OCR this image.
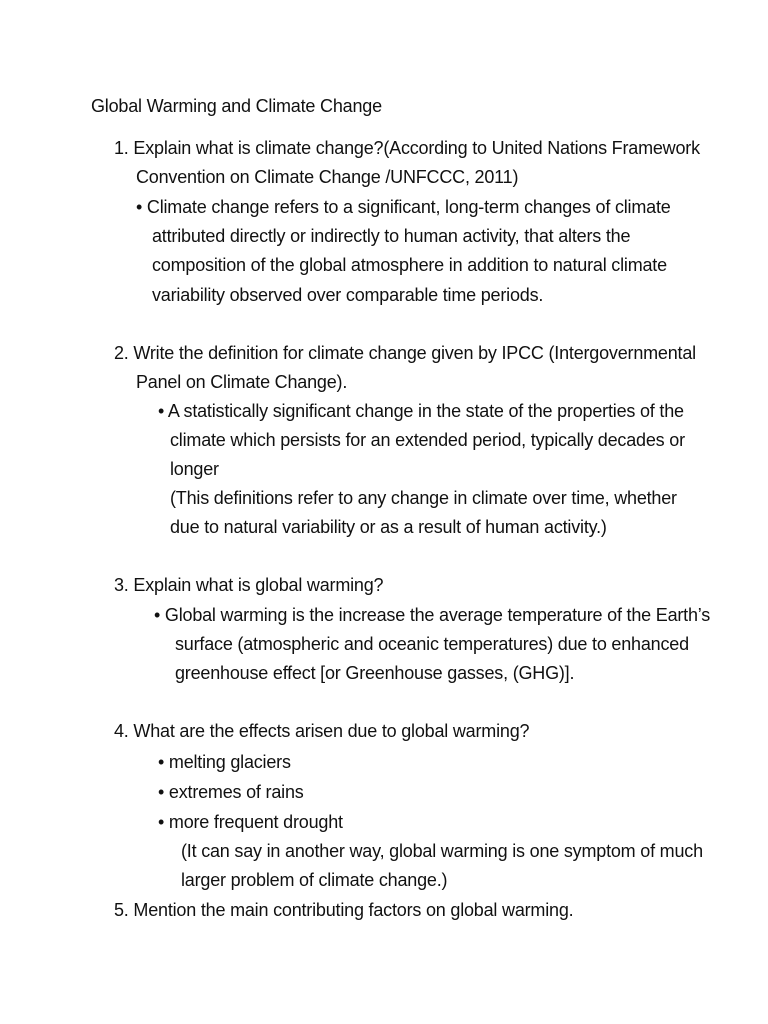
Global Warming and Climate Change
1. Explain what is climate change?(According to United Nations Framework
Convention on Climate Change /UNFCCC, 2011)
• Climate change refers to a significant, long-term changes of climate
attributed directly or indirectly to human activity, that alters the
composition of the global atmosphere in addition to natural climate
variability observed over comparable time periods.
2. Write the definition for climate change given by IPCC (Intergovernmental
Panel on Climate Change).
• A statistically significant change in the state of the properties of the
climate which persists for an extended period, typically decades or
longer
(This definitions refer to any change in climate over time, whether
due to natural variability or as a result of human activity.)
3. Explain what is global warming?
• Global warming is the increase the average temperature of the Earth’s
surface (atmospheric and oceanic temperatures) due to enhanced
greenhouse effect [or Greenhouse gasses, (GHG)].
4. What are the effects arisen due to global warming?
• melting glaciers
• extremes of rains
• more frequent drought
(It can say in another way, global warming is one symptom of much
larger problem of climate change.)
5. Mention the main contributing factors on global warming.
